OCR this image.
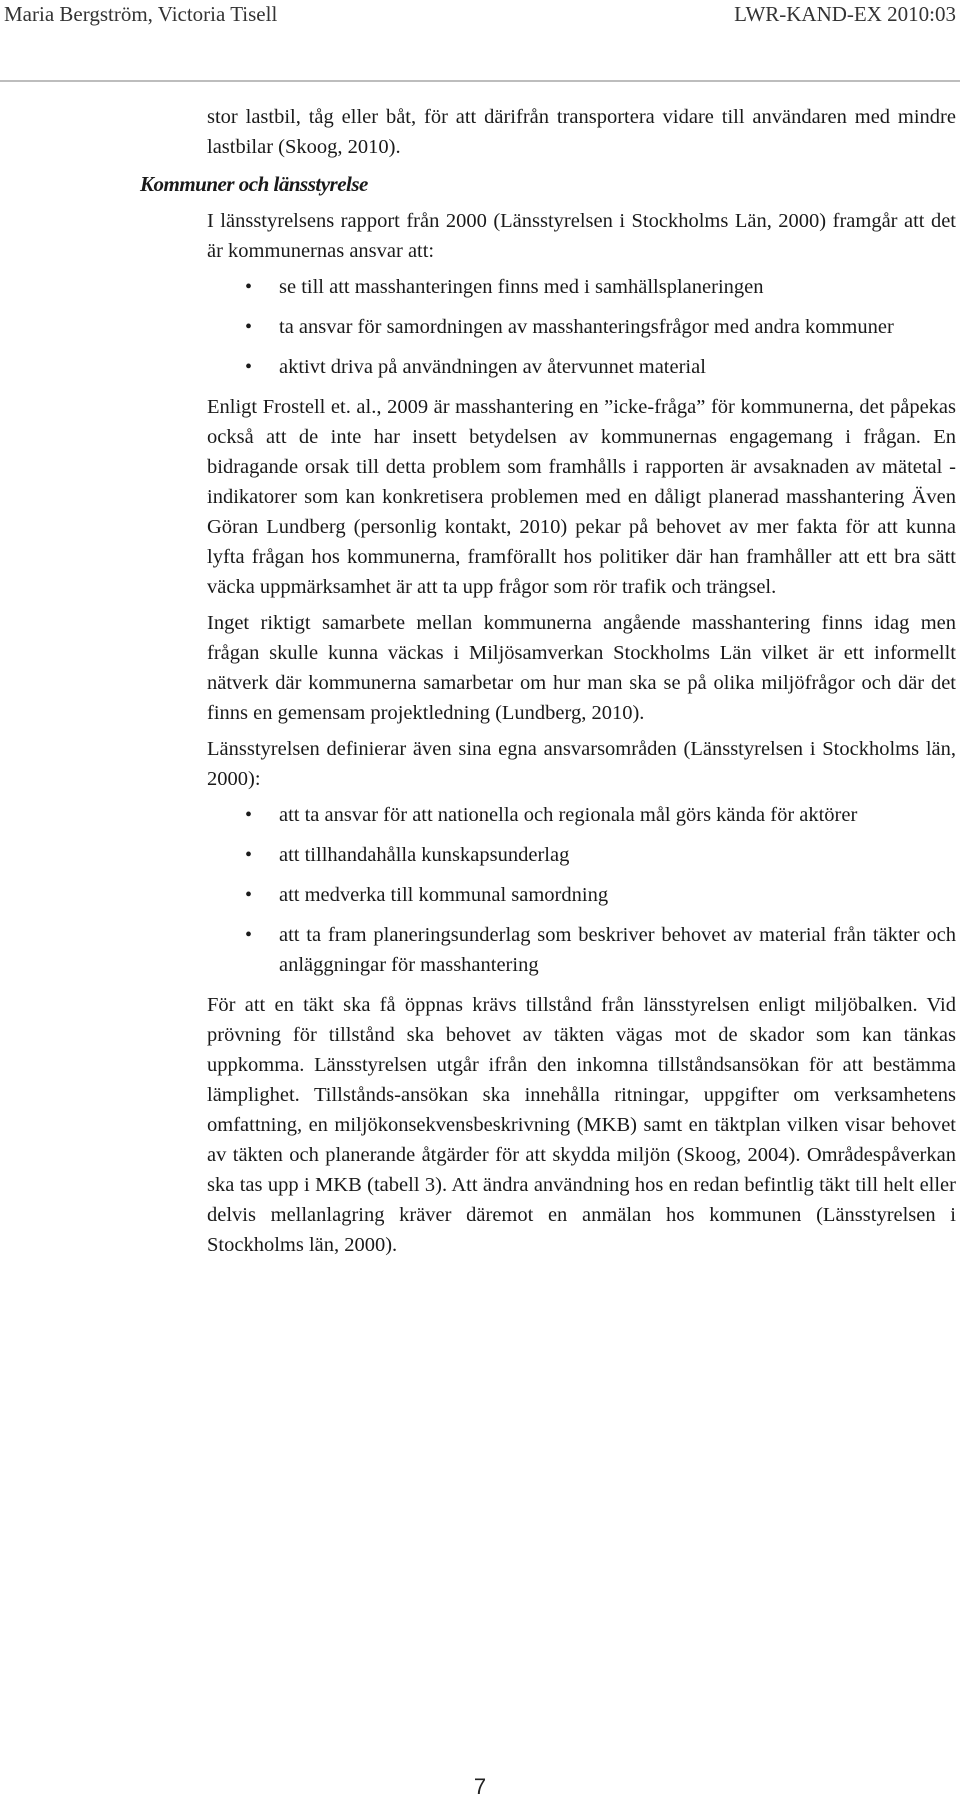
Maria Bergström, Victoria Tisell	LWR-KAND-EX 2010:03
Kommuner och länsstyrelse

stor lastbil, tåg eller båt, för att därifrån transportera vidare till användaren med mindre lastbilar (Skoog, 2010).

I länsstyrelsens rapport från 2000 (Länsstyrelsen i Stockholms Län, 2000) framgår att det är kommunernas ansvar att:

• se till att masshanteringen finns med i samhällsplaneringen
• ta ansvar för samordningen av masshanteringsfrågor med andra kommuner
• aktivt driva på användningen av återvunnet material

Enligt Frostell et. al., 2009 är masshantering en ”icke-fråga” för kommunerna, det påpekas också att de inte har insett betydelsen av kommunernas engagemang i frågan. En bidragande orsak till detta problem som framhålls i rapporten är avsaknaden av mätetal - indikatorer som kan konkretisera problemen med en dåligt planerad masshantering Även Göran Lundberg (personlig kontakt, 2010) pekar på behovet av mer fakta för att kunna lyfta frågan hos kommunerna, framförallt hos politiker där han framhåller att ett bra sätt väcka uppmärksamhet är att ta upp frågor som rör trafik och trängsel.

Inget riktigt samarbete mellan kommunerna angående masshantering finns idag men frågan skulle kunna väckas i Miljösamverkan Stockholms Län vilket är ett informellt nätverk där kommunerna samarbetar om hur man ska se på olika miljöfrågor och där det finns en gemensam projektledning (Lundberg, 2010).

Länsstyrelsen definierar även sina egna ansvarsområden (Länsstyrelsen i Stockholms län, 2000):

• att ta ansvar för att nationella och regionala mål görs kända för aktörer
• att tillhandahålla kunskapsunderlag
• att medverka till kommunal samordning
• att ta fram planeringsunderlag som beskriver behovet av material från täkter och anläggningar för masshantering

För att en täkt ska få öppnas krävs tillstånd från länsstyrelsen enligt miljöbalken. Vid prövning för tillstånd ska behovet av täkten vägas mot de skador som kan tänkas uppkomma. Länsstyrelsen utgår ifrån den inkomna tillståndsansökan för att bestämma lämplighet. Tillstånds-ansökan ska innehålla ritningar, uppgifter om verksamhetens omfattning, en miljökonsekvensbeskrivning (MKB) samt en täktplan vilken visar behovet av täkten och planerande åtgärder för att skydda miljön (Skoog, 2004). Områdespåverkan ska tas upp i MKB (tabell 3). Att ändra användning hos en redan befintlig täkt till helt eller delvis mellanlagring kräver däremot en anmälan hos kommunen (Länsstyrelsen i Stockholms län, 2000).

7
